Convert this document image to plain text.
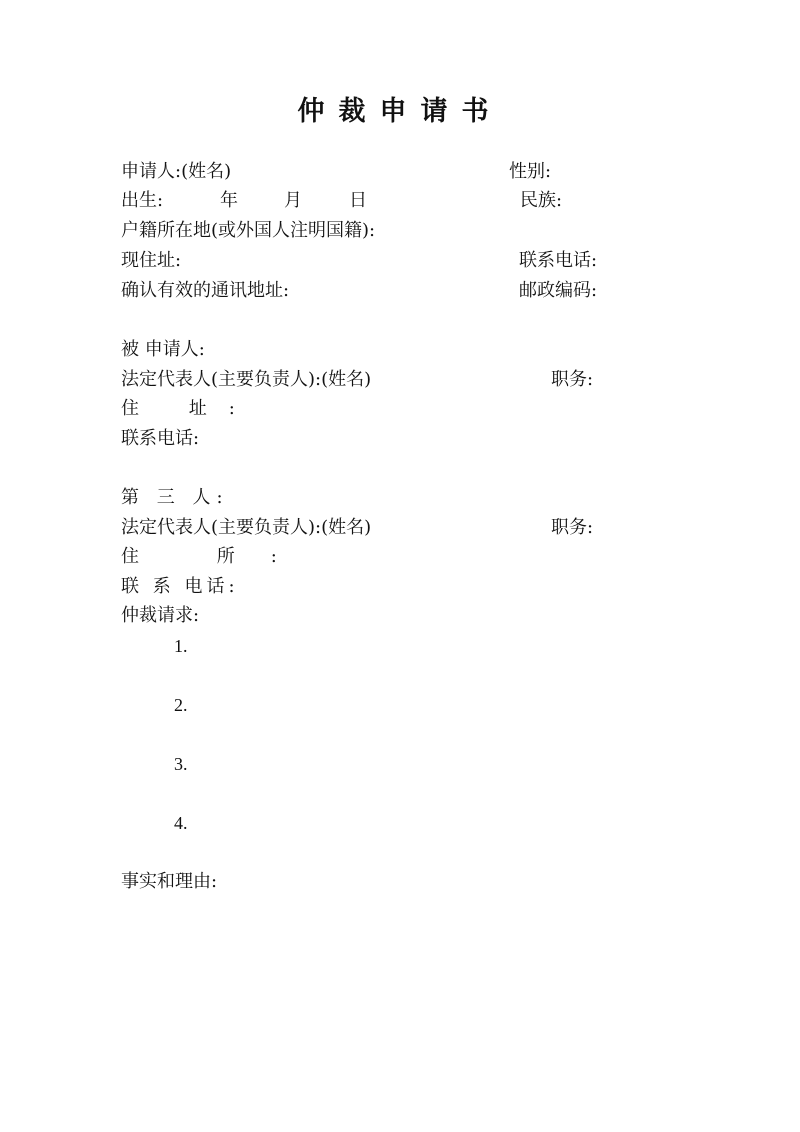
仲裁申请书
申请人:(姓名)	性别:
出生:	年	月	日	民族:
户籍所在地(或外国人注明国籍):
现住址:	联系电话:
确认有效的通讯地址:	邮政编码:
被 申请人:
法定代表人(主要负责人):(姓名)	职务:
住 址:
联系电话:
第 三 人:
法定代表人(主要负责人):(姓名)	职务:
住 所:
联 系 电话:
仲裁请求:
1.
2.
3.
4.
事实和理由:
